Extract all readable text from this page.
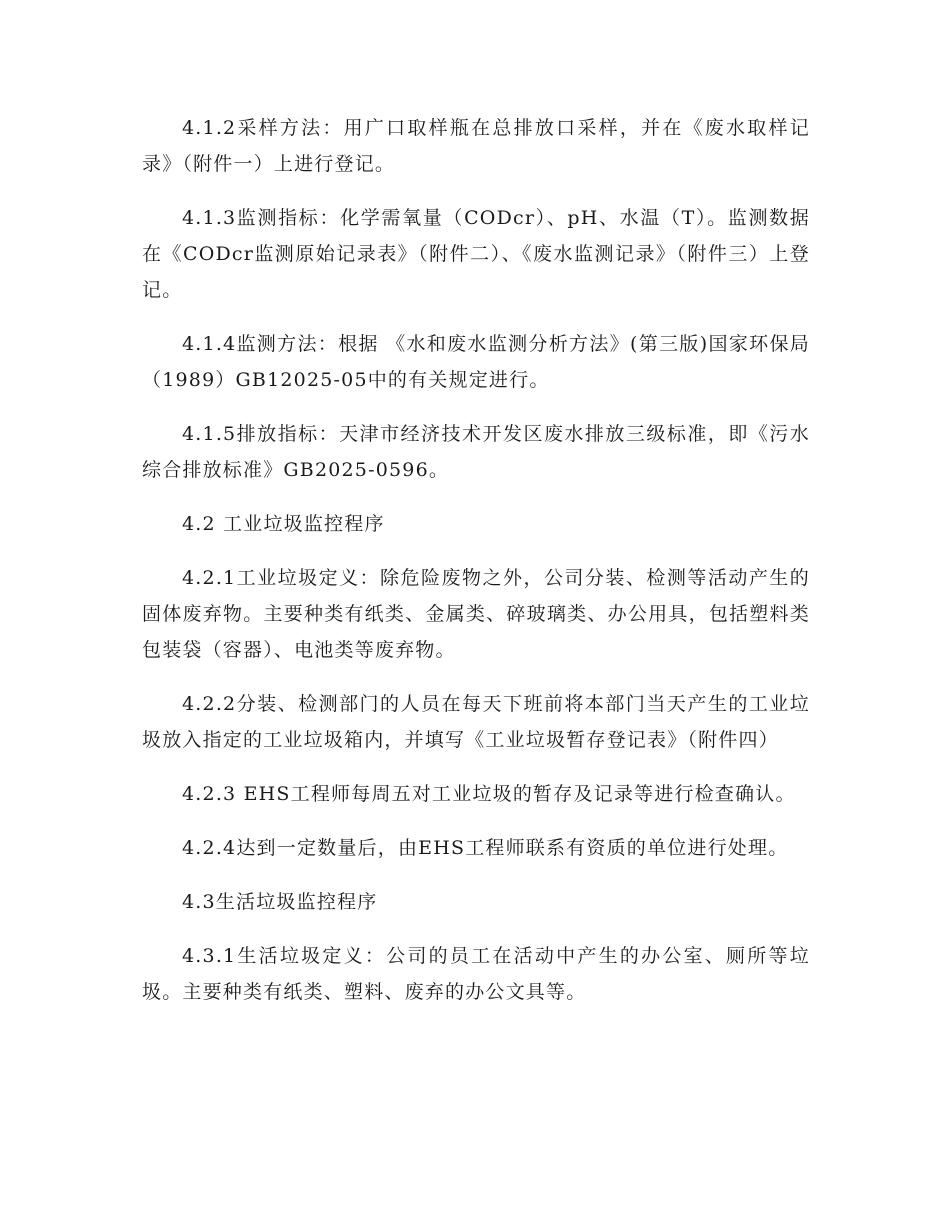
4.1.2采样方法：用广口取样瓶在总排放口采样，并在《废水取样记录》（附件一）上进行登记。

4.1.3监测指标：化学需氧量（CODcr）、pH、水温（T）。监测数据在《CODcr监测原始记录表》（附件二）、《废水监测记录》（附件三）上登记。

4.1.4监测方法：根据 《水和废水监测分析方法》(第三版)国家环保局（1989）GB12025-05中的有关规定进行。

4.1.5排放指标：天津市经济技术开发区废水排放三级标准，即《污水综合排放标准》GB2025-0596。

4.2 工业垃圾监控程序

4.2.1工业垃圾定义：除危险废物之外，公司分装、检测等活动产生的固体废弃物。主要种类有纸类、金属类、碎玻璃类、办公用具，包括塑料类包装袋（容器）、电池类等废弃物。

4.2.2分装、检测部门的人员在每天下班前将本部门当天产生的工业垃圾放入指定的工业垃圾箱内，并填写《工业垃圾暂存登记表》（附件四）

4.2.3 EHS工程师每周五对工业垃圾的暂存及记录等进行检查确认。

4.2.4达到一定数量后，由EHS工程师联系有资质的单位进行处理。

4.3生活垃圾监控程序

4.3.1生活垃圾定义：公司的员工在活动中产生的办公室、厕所等垃圾。主要种类有纸类、塑料、废弃的办公文具等。
